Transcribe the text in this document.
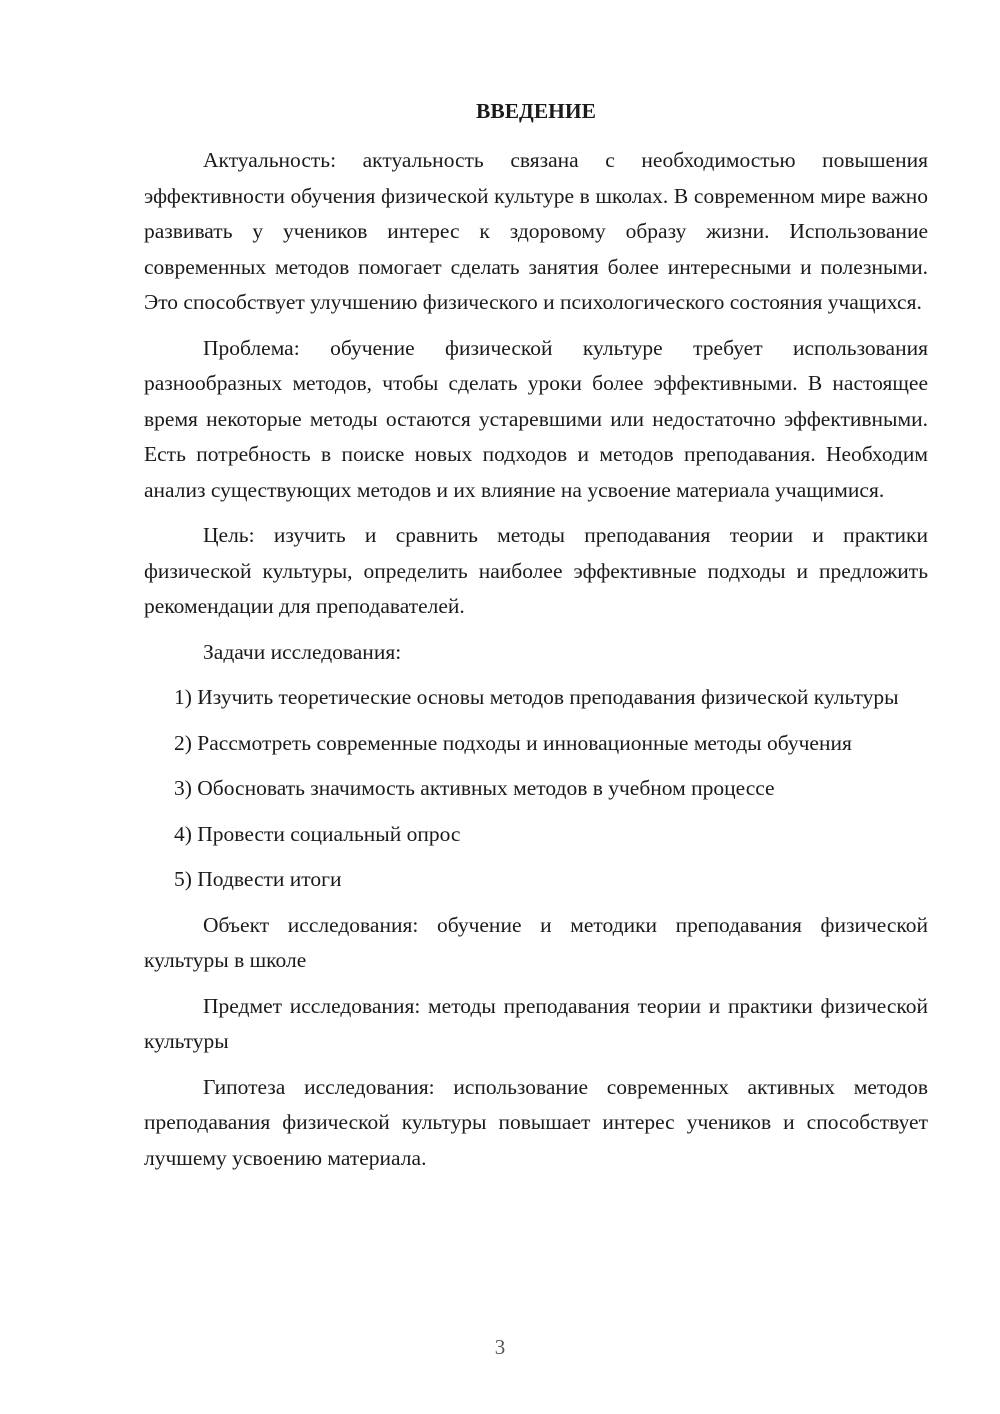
ВВЕДЕНИЕ

Актуальность: актуальность связана с необходимостью повышения эффективности обучения физической культуре в школах. В современном мире важно развивать у учеников интерес к здоровому образу жизни. Использование современных методов помогает сделать занятия более интересными и полезными. Это способствует улучшению физического и психологического состояния учащихся.

Проблема: обучение физической культуре требует использования разнообразных методов, чтобы сделать уроки более эффективными. В настоящее время некоторые методы остаются устаревшими или недостаточно эффективными. Есть потребность в поиске новых подходов и методов преподавания. Необходим анализ существующих методов и их влияние на усвоение материала учащимися.

Цель: изучить и сравнить методы преподавания теории и практики физической культуры, определить наиболее эффективные подходы и предложить рекомендации для преподавателей.

Задачи исследования:

1) Изучить теоретические основы методов преподавания физической культуры

2) Рассмотреть современные подходы и инновационные методы обучения

3) Обосновать значимость активных методов в учебном процессе

4) Провести социальный опрос

5) Подвести итоги

Объект исследования: обучение и методики преподавания физической культуры в школе

Предмет исследования: методы преподавания теории и практики физической культуры

Гипотеза исследования: использование современных активных методов преподавания физической культуры повышает интерес учеников и способствует лучшему усвоению материала.

3
